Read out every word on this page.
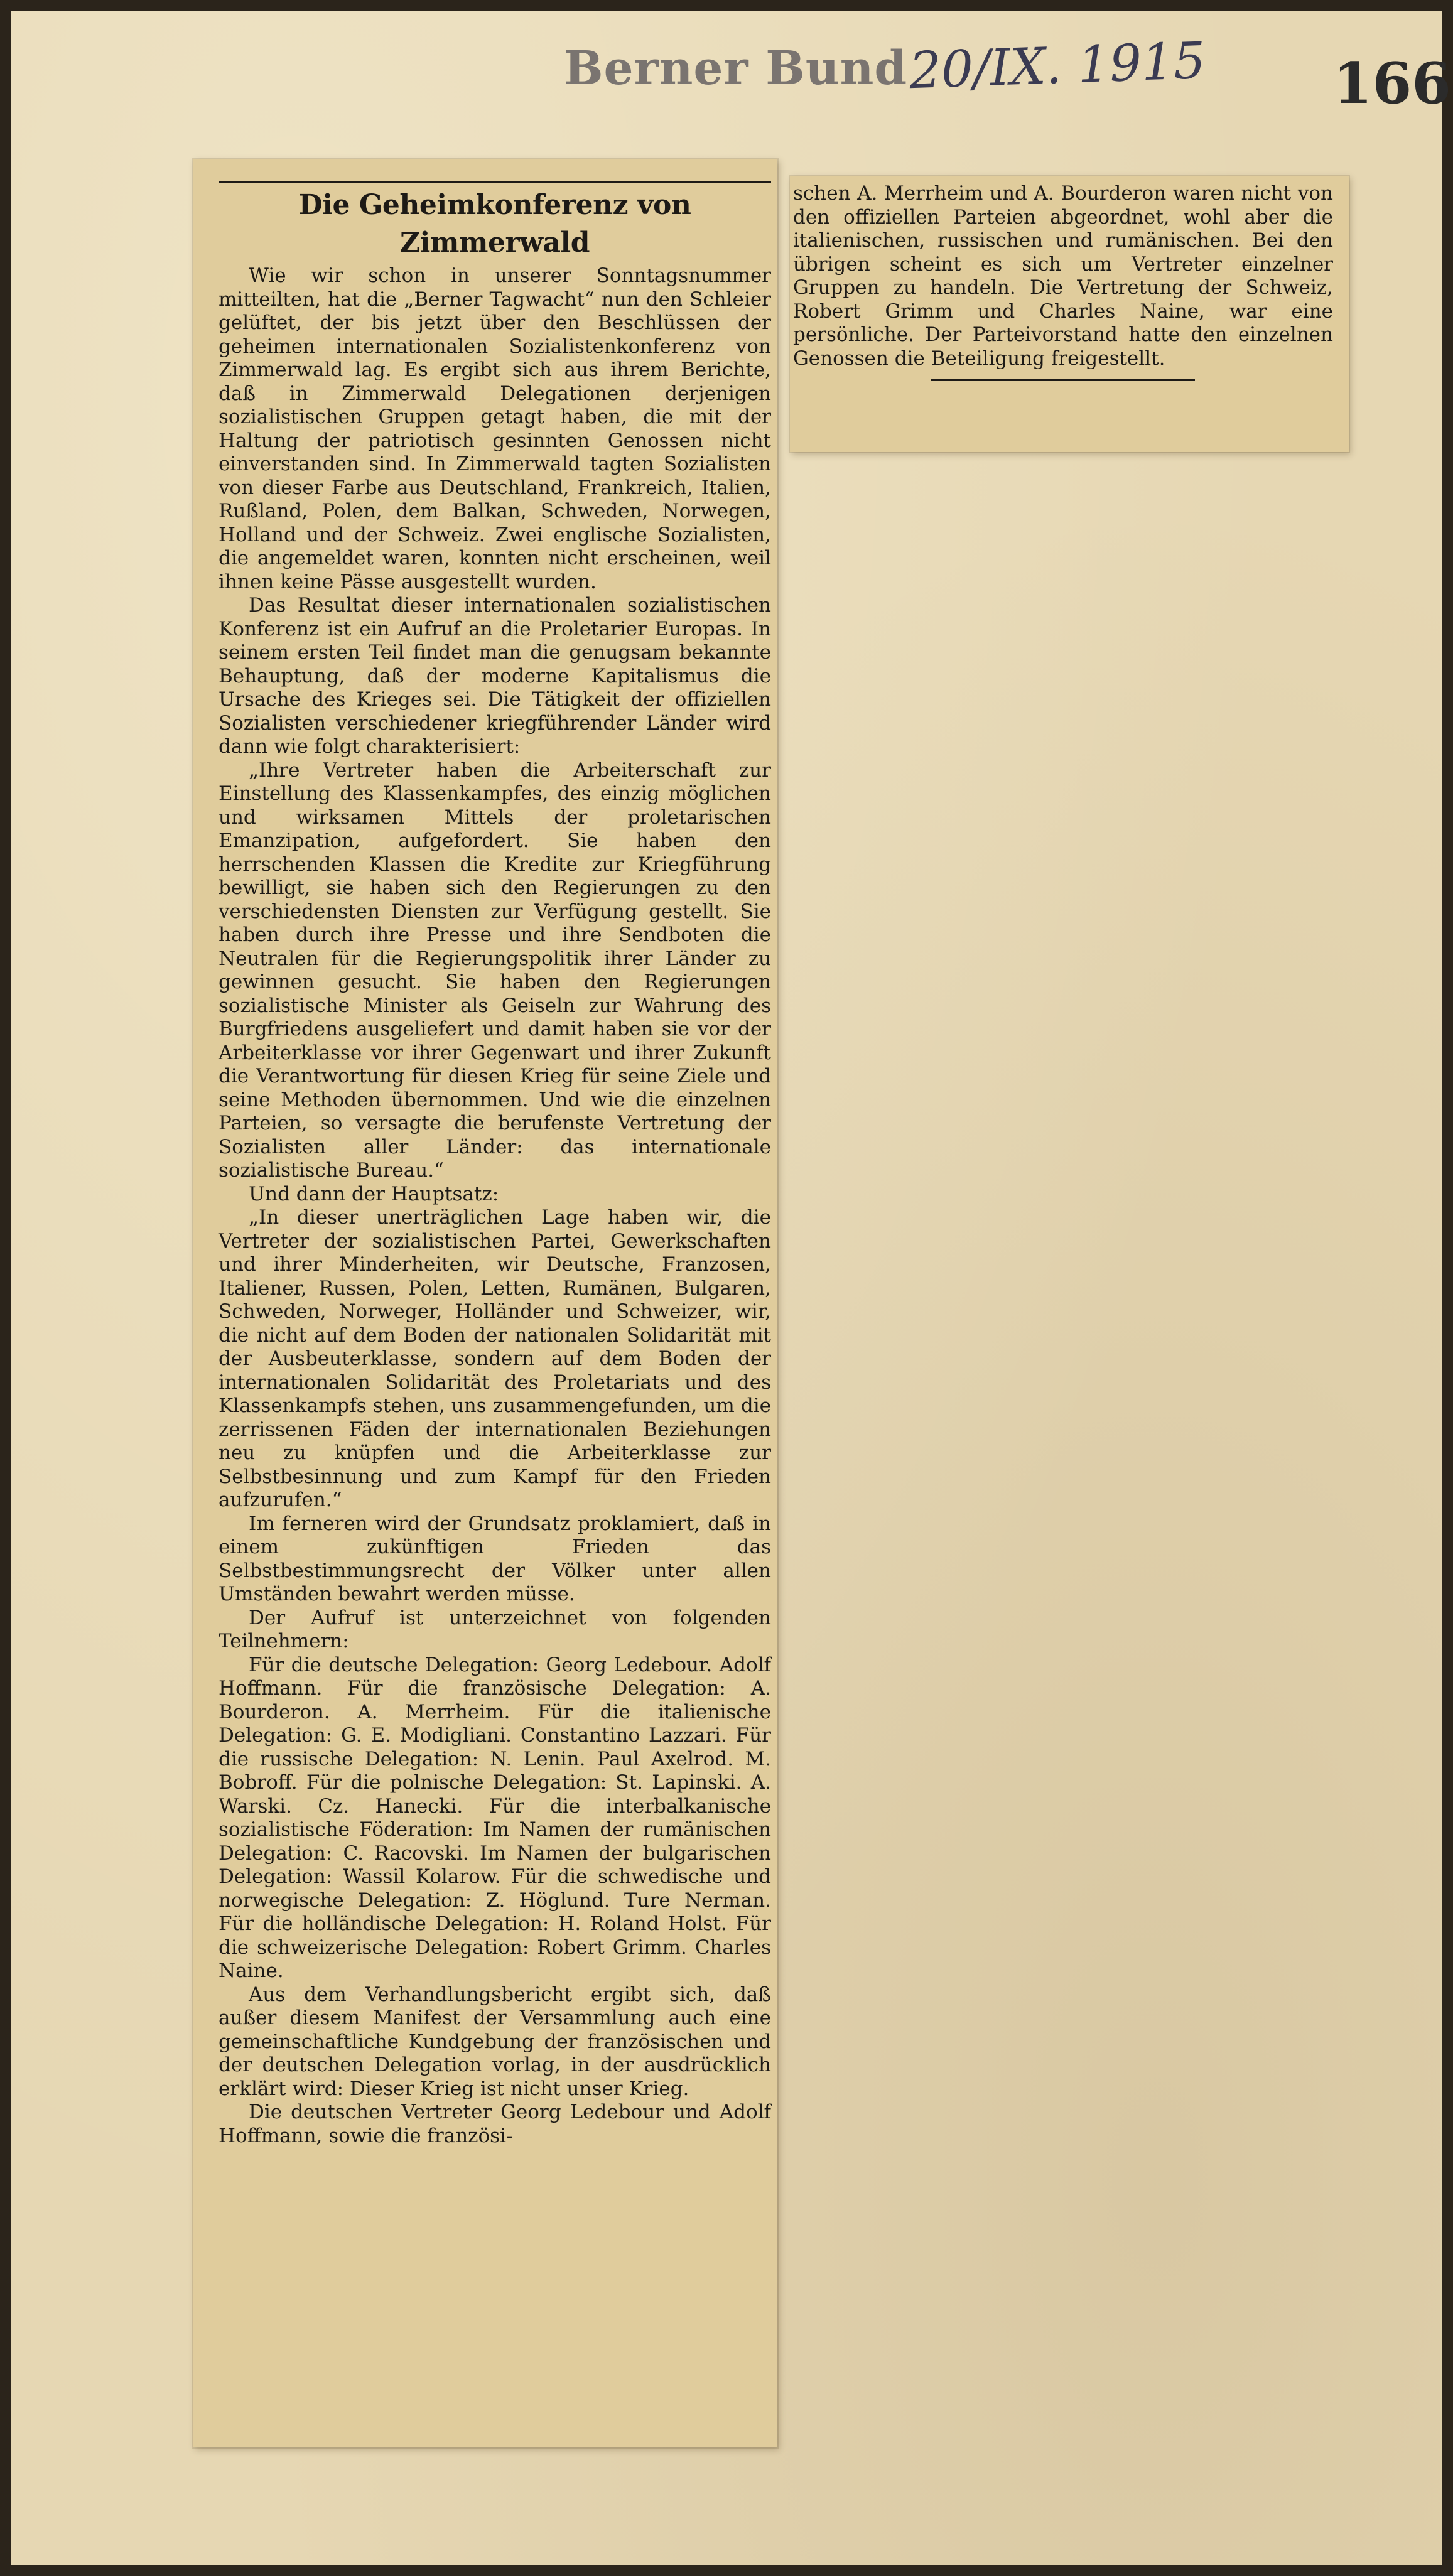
Berner Bund 20/IX. 1915 166
Die Geheimkonferenz von Zimmerwald

Wie wir schon in unserer Sonntagsnummer mitteilten, hat die „Berner Tagwacht“ nun den Schleier gelüftet, der bis jetzt über den Beschlüssen der geheimen internationalen Sozialistenkonferenz von Zimmerwald lag. Es ergibt sich aus ihrem Berichte, daß in Zimmerwald Delegationen derjenigen sozialistischen Gruppen getagt haben, die mit der Haltung der patriotisch gesinnten Genossen nicht einverstanden sind. In Zimmerwald tagten Sozialisten von dieser Farbe aus Deutschland, Frankreich, Italien, Rußland, Polen, dem Balkan, Schweden, Norwegen, Holland und der Schweiz. Zwei englische Sozialisten, die angemeldet waren, konnten nicht erscheinen, weil ihnen keine Pässe ausgestellt wurden.

Das Resultat dieser internationalen sozialistischen Konferenz ist ein Aufruf an die Proletarier Europas. In seinem ersten Teil findet man die genugsam bekannte Behauptung, daß der moderne Kapitalismus die Ursache des Krieges sei. Die Tätigkeit der offiziellen Sozialisten verschiedener kriegführender Länder wird dann wie folgt charakterisiert:

„Ihre Vertreter haben die Arbeiterschaft zur Einstellung des Klassenkampfes, des einzig möglichen und wirksamen Mittels der proletarischen Emanzipation, aufgefordert. Sie haben den herrschenden Klassen die Kredite zur Kriegführung bewilligt, sie haben sich den Regierungen zu den verschiedensten Diensten zur Verfügung gestellt. Sie haben durch ihre Presse und ihre Sendboten die Neutralen für die Regierungspolitik ihrer Länder zu gewinnen gesucht. Sie haben den Regierungen sozialistische Minister als Geiseln zur Wahrung des Burgfriedens ausgeliefert und damit haben sie vor der Arbeiterklasse vor ihrer Gegenwart und ihrer Zukunft die Verantwortung für diesen Krieg für seine Ziele und seine Methoden übernommen. Und wie die einzelnen Parteien, so versagte die berufenste Vertretung der Sozialisten aller Länder: das internationale sozialistische Bureau.“

Und dann der Hauptsatz:

„In dieser unerträglichen Lage haben wir, die Vertreter der sozialistischen Partei, Gewerkschaften und ihrer Minderheiten, wir Deutsche, Franzosen, Italiener, Russen, Polen, Letten, Rumänen, Bulgaren, Schweden, Norweger, Holländer und Schweizer, wir, die nicht auf dem Boden der nationalen Solidarität mit der Ausbeuterklasse, sondern auf dem Boden der internationalen Solidarität des Proletariats und des Klassenkampfs stehen, uns zusammengefunden, um die zerrissenen Fäden der internationalen Beziehungen neu zu knüpfen und die Arbeiterklasse zur Selbstbesinnung und zum Kampf für den Frieden aufzurufen.“

Im ferneren wird der Grundsatz proklamiert, daß in einem zukünftigen Frieden das Selbstbestimmungsrecht der Völker unter allen Umständen bewahrt werden müsse.

Der Aufruf ist unterzeichnet von folgenden Teilnehmern:

Für die deutsche Delegation: Georg Ledebour. Adolf Hoffmann. Für die französische Delegation: A. Bourderon. A. Merrheim. Für die italienische Delegation: G. E. Modigliani. Constantino Lazzari. Für die russische Delegation: N. Lenin. Paul Axelrod. M. Bobroff. Für die polnische Delegation: St. Lapinski. A. Warski. Cz. Hanecki. Für die interbalkanische sozialistische Föderation: Im Namen der rumänischen Delegation: C. Racovski. Im Namen der bulgarischen Delegation: Wassil Kolarow. Für die schwedische und norwegische Delegation: Z. Höglund. Ture Nerman. Für die holländische Delegation: H. Roland Holst. Für die schweizerische Delegation: Robert Grimm. Charles Naine.

Aus dem Verhandlungsbericht ergibt sich, daß außer diesem Manifest der Versammlung auch eine gemeinschaftliche Kundgebung der französischen und der deutschen Delegation vorlag, in der ausdrücklich erklärt wird: Dieser Krieg ist nicht unser Krieg.

Die deutschen Vertreter Georg Ledebour und Adolf Hoffmann, sowie die französi-

schen A. Merrheim und A. Bourderon waren nicht von den offiziellen Parteien abgeordnet, wohl aber die italienischen, russischen und rumänischen. Bei den übrigen scheint es sich um Vertreter einzelner Gruppen zu handeln. Die Vertretung der Schweiz, Robert Grimm und Charles Naine, war eine persönliche. Der Parteivorstand hatte den einzelnen Genossen die Beteiligung freigestellt.
